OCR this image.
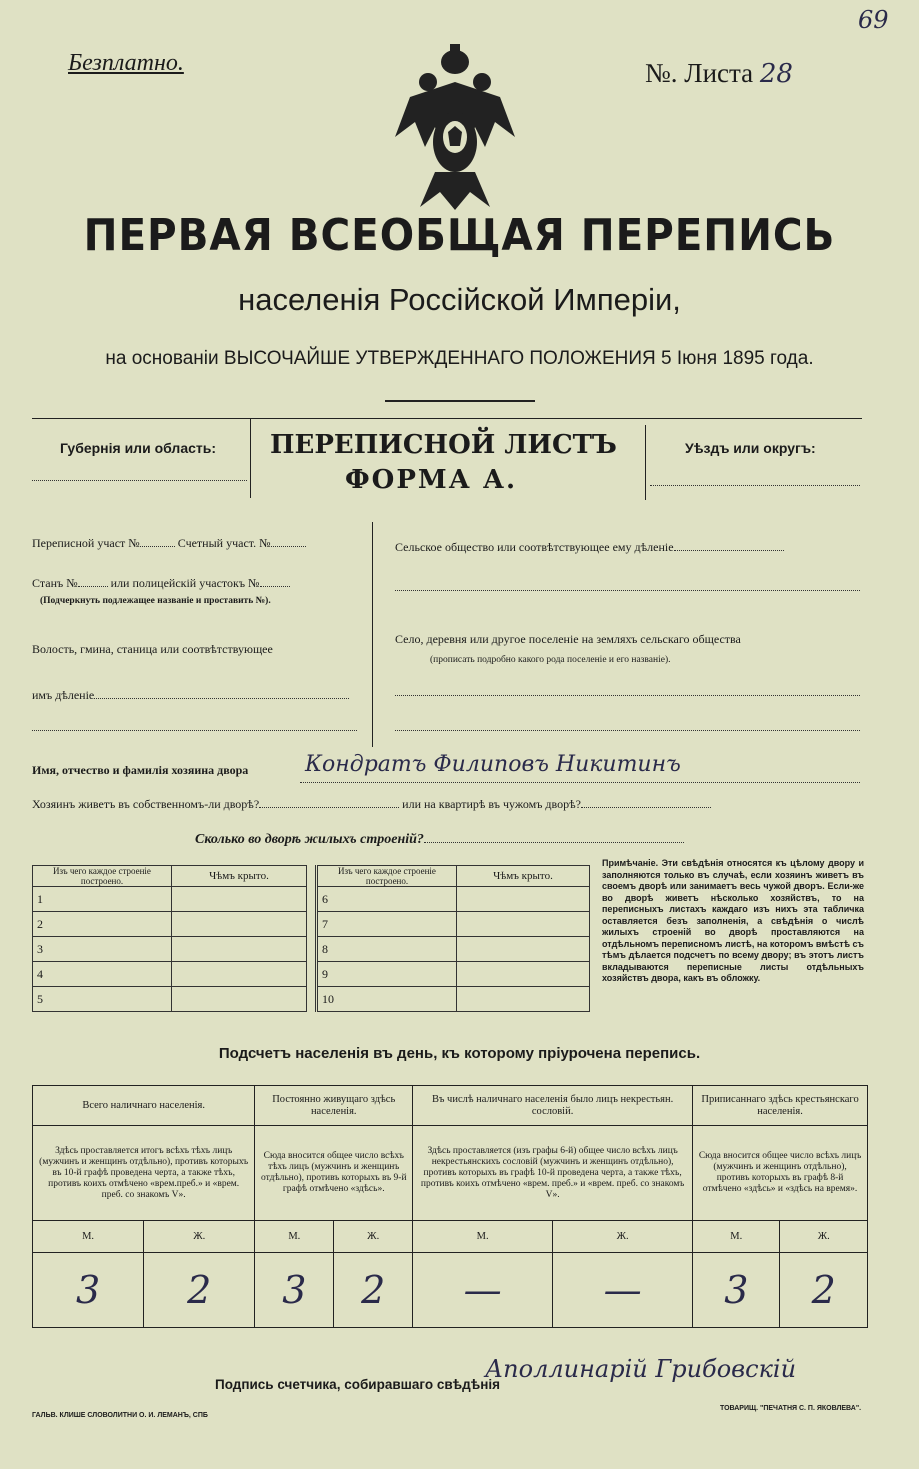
69
Безплатно.	№. Листа 28
ПЕРВАЯ ВСЕОБЩАЯ ПЕРЕПИСЬ
населенія Россійской Имперіи,
на основаніи ВЫСОЧАЙШЕ УТВЕРЖДЕННАГО ПОЛОЖЕНИЯ 5 Іюня 1895 года.
Губернія или область: ПЕРЕПИСНОЙ ЛИСТЪ
ФОРМА А.
Уѣздъ или округъ:
Переписной участ №	Счетный участ. №
Станъ №	или полицейскій участокъ №
(Подчеркнуть подлежащее названіе и проставить №).
Волость, гмина, станица или соотвѣтствующее
имъ дѣленіе
Сельское общество или соотвѣтствующее ему дѣленіе
Село, деревня или другое поселеніе на земляхъ сельскаго общества
(прописать подробно какого рода поселеніе и его названіе).
Имя, отчество и фамилія хозяина двора	Кондратъ Филиповъ Никитинъ
Хозяинъ живетъ въ собственномъ-ли дворѣ?	или на квартирѣ въ чужомъ дворѣ?
Сколько во дворѣ жилыхъ строеній?
Изъ чего каждое строеніе построено.	Чѣмъ крыто.
1	
2	
3	
4	
5	
Изъ чего каждое строеніе построено.	Чѣмъ крыто.
6	
7	
8	
9	
10	
Примѣчаніе. Эти свѣдѣнія относятся къ цѣлому двору и заполняются только въ случаѣ, если хозяинъ живетъ въ своемъ дворѣ или занимаетъ весь чужой дворъ. Если-же во дворѣ живетъ нѣсколько хозяйствъ, то на переписныхъ листахъ каждаго изъ нихъ эта табличка оставляется безъ заполненія, а свѣдѣнія о числѣ жилыхъ строеній во дворѣ проставляются на отдѣльномъ переписномъ листѣ, на которомъ вмѣстѣ съ тѣмъ дѣлается подсчетъ по всему двору; въ этотъ листъ вкладываются переписные листы отдѣльныхъ хозяйствъ двора, какъ въ обложку.
Подсчетъ населенія въ день, къ которому пріурочена перепись.
Всего наличнаго населенія.		Постоянно живущаго здѣсь населенія.		Въ числѣ наличнаго населенія было лицъ некрестьян. сословій.		Приписаннаго здѣсь крестьянскаго населенія.	
Здѣсь проставляется итогъ всѣхъ тѣхъ лицъ (мужчинъ и женщинъ отдѣльно), противъ которыхъ въ 10-й графѣ проведена черта, а также тѣхъ, противъ коихъ отмѣчено «врем.преб.» и «врем. преб. со знакомъ V».		Сюда вносится общее число всѣхъ тѣхъ лицъ (мужчинъ и женщинъ отдѣльно), противъ которыхъ въ 9-й графѣ отмѣчено «здѣсь».		Здѣсь проставляется (изъ графы 6-й) общее число всѣхъ лицъ некрестьянскихъ сословій (мужчинъ и женщинъ отдѣльно), противъ которыхъ въ графѣ 10-й проведена черта, а также тѣхъ, противъ коихъ отмѣчено «врем. преб.» и «врем. преб. со знакомъ V».		Сюда вносится общее число всѣхъ лицъ (мужчинъ и женщинъ отдѣльно), противъ которыхъ въ графѣ 8-й отмѣчено «здѣсь» и «здѣсь на время».	
М.	Ж.	М.	Ж.	М.	Ж.	М.	Ж.
3	2	3	2	—	—	3	2
Подпись счетчика, собиравшаго свѣдѣнія
Аполлинарій Грибовскій
ГАЛЬВ. КЛИШЕ СЛОВОЛИТНИ О. И. ЛЕМАНЪ, СПБ
ТОВАРИЩ. "ПЕЧАТНЯ С. П. ЯКОВЛЕВА".
